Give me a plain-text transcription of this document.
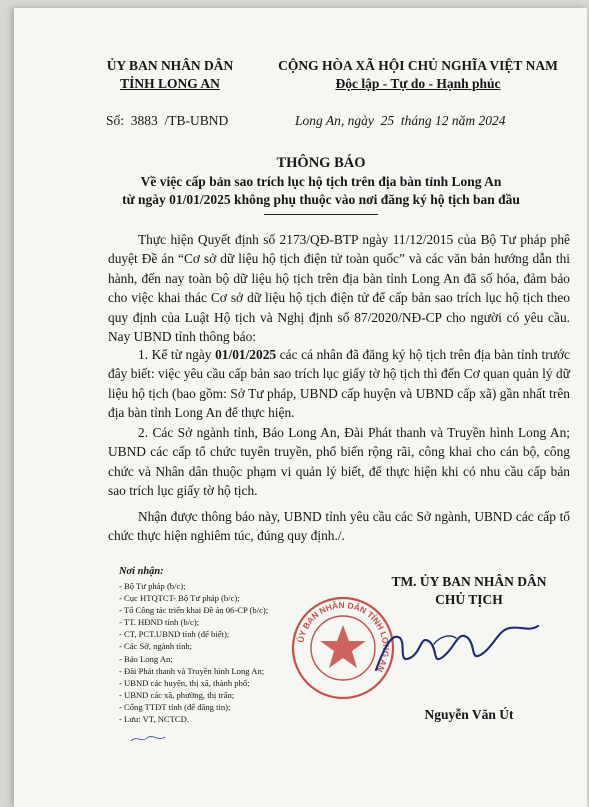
ỦY BAN NHÂN DÂN
TỈNH LONG AN
CỘNG HÒA XÃ HỘI CHỦ NGHĨA VIỆT NAM
Độc lập - Tự do - Hạnh phúc
Số:  3883  /TB-UBND	Long An, ngày  25  tháng 12 năm 2024
THÔNG BÁO
Về việc cấp bản sao trích lục hộ tịch trên địa bàn tỉnh Long An
từ ngày 01/01/2025 không phụ thuộc vào nơi đăng ký hộ tịch ban đầu
Thực hiện Quyết định số 2173/QĐ-BTP ngày 11/12/2015 của Bộ Tư pháp phê duyệt Đề án “Cơ sở dữ liệu hộ tịch điện tử toàn quốc” và các văn bản hướng dẫn thi hành, đến nay toàn bộ dữ liệu hộ tịch trên địa bàn tỉnh Long An đã số hóa, đảm bảo cho việc khai thác Cơ sở dữ liệu hộ tịch điện tử để cấp bản sao trích lục hộ tịch theo quy định của Luật Hộ tịch và Nghị định số 87/2020/NĐ-CP cho người có yêu cầu. Nay UBND tỉnh thông báo:
1. Kể từ ngày 01/01/2025 các cá nhân đã đăng ký hộ tịch trên địa bàn tỉnh trước đây biết: việc yêu cầu cấp bản sao trích lục giấy tờ hộ tịch thì đến Cơ quan quản lý dữ liệu hộ tịch (bao gồm: Sở Tư pháp, UBND cấp huyện và UBND cấp xã) gần nhất trên địa bàn tỉnh Long An để thực hiện.
2. Các Sở ngành tỉnh, Báo Long An, Đài Phát thanh và Truyền hình Long An; UBND các cấp tổ chức tuyên truyền, phổ biến rộng rãi, công khai cho cán bộ, công chức và Nhân dân thuộc phạm vi quản lý biết, để thực hiện khi có nhu cầu cấp bản sao trích lục giấy tờ hộ tịch.
Nhận được thông báo này, UBND tỉnh yêu cầu các Sở ngành, UBND các cấp tổ chức thực hiện nghiêm túc, đúng quy định./.
Nơi nhận:
- Bộ Tư pháp (b/c);
- Cục HTQTCT- Bộ Tư pháp (b/c);
- Tổ Công tác triển khai Đề án 06-CP (b/c);
- TT. HĐND tỉnh (b/c);
- CT, PCT.UBND tỉnh (để biết);
- Các Sở, ngành tỉnh;
- Báo Long An;
- Đài Phát thanh và Truyền hình Long An;
- UBND các huyện, thị xã, thành phố;
- UBND các xã, phường, thị trấn;
- Cổng TTĐT tỉnh (để đăng tin);
- Lưu: VT, NCTCD.
TM. ỦY BAN NHÂN DÂN
CHỦ TỊCH
ỦY BAN NHÂN DÂN TỈNH LONG AN
Nguyễn Văn Út
